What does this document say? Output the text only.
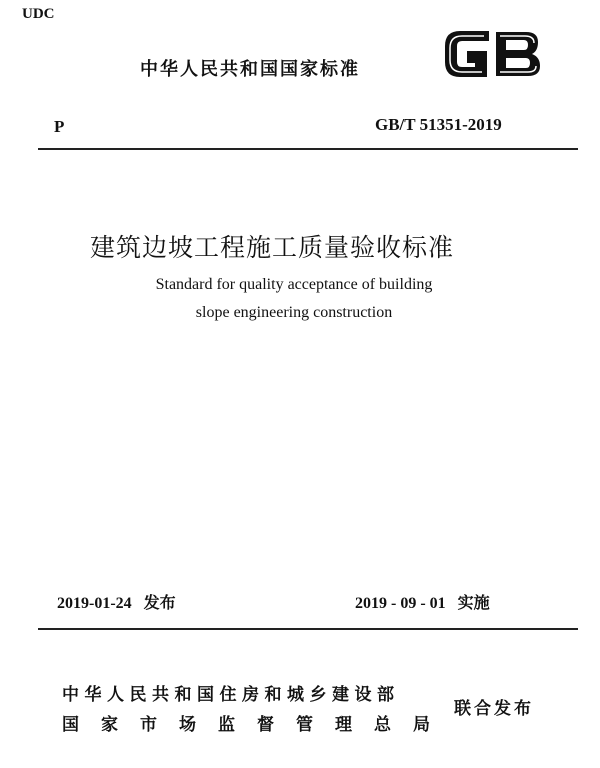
UDC
中华人民共和国国家标准
GB
P	GB/T 51351-2019
建筑边坡工程施工质量验收标准
Standard for quality acceptance of building
slope engineering construction
2019-01-24 发布	2019 - 09 - 01 实施
中华人民共和国住房和城乡建设部
国家市场监督管理总局
联合发布
